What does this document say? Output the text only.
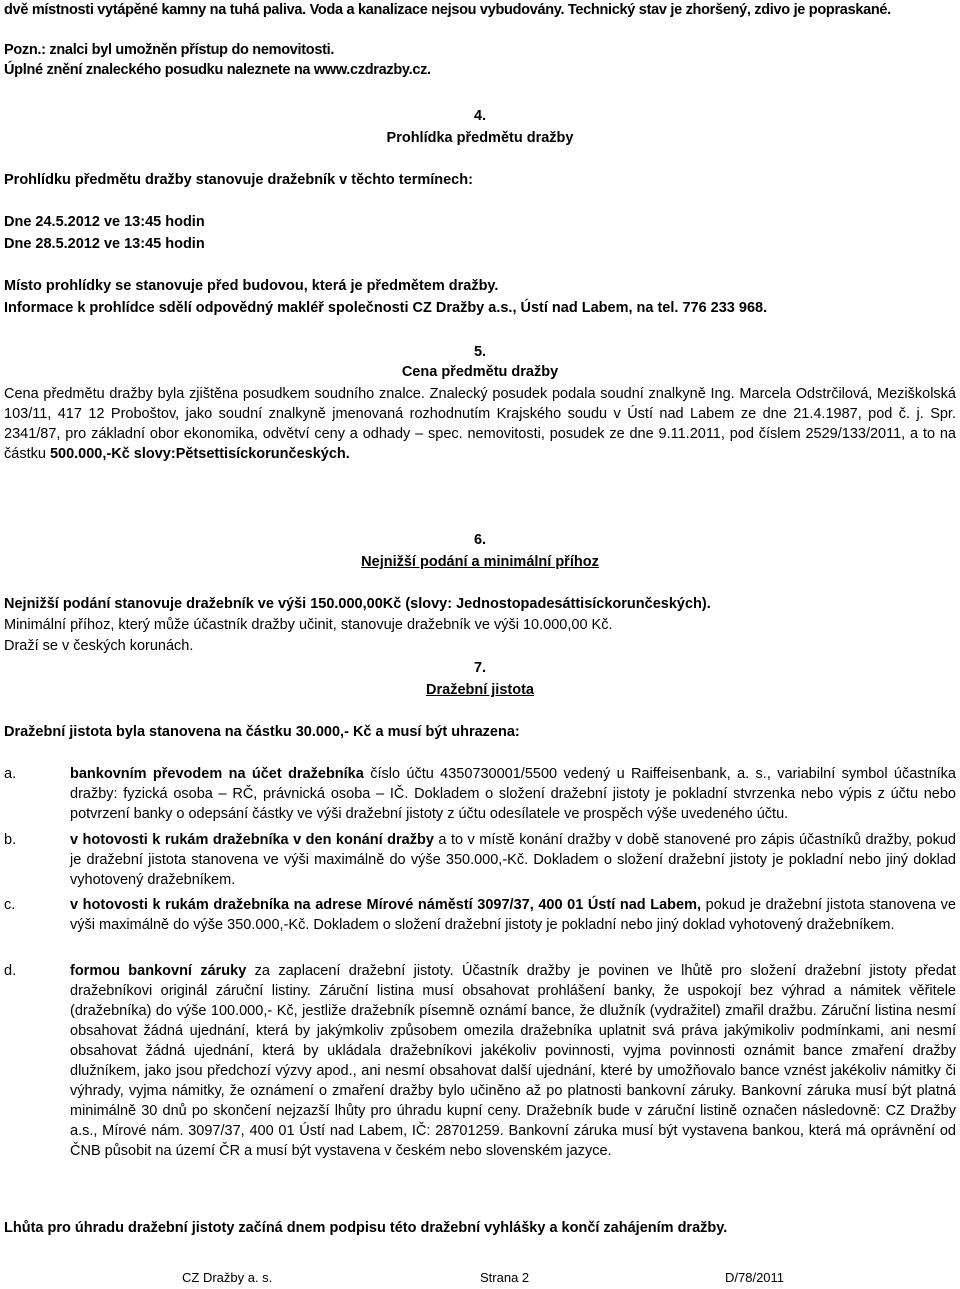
dvě místnosti vytápěné kamny na tuhá paliva. Voda a kanalizace nejsou vybudovány. Technický stav je zhoršený, zdivo je popraskané.
Pozn.: znalci byl umožněn přístup do nemovitosti.
Úplné znění znaleckého posudku naleznete na www.czdrazby.cz.
4.
Prohlídka předmětu dražby
Prohlídku předmětu dražby stanovuje dražebník v těchto termínech:
Dne 24.5.2012 ve 13:45 hodin
Dne 28.5.2012 ve 13:45 hodin
Místo prohlídky se stanovuje před budovou, která je předmětem dražby.
Informace k prohlídce sdělí odpovědný makléř společnosti CZ Dražby a.s., Ústí nad Labem, na tel. 776 233 968.
5.
Cena předmětu dražby
Cena předmětu dražby byla zjištěna posudkem soudního znalce. Znalecký posudek podala soudní znalkyně Ing. Marcela Odstrčilová, Meziškolská 103/11, 417 12 Proboštov, jako soudní znalkyně jmenovaná rozhodnutím Krajského soudu v Ústí nad Labem ze dne 21.4.1987, pod č. j. Spr. 2341/87, pro základní obor ekonomika, odvětví ceny a odhady – spec. nemovitosti, posudek ze dne 9.11.2011, pod číslem 2529/133/2011, a to na částku 500.000,-Kč slovy:Pětsettisíckorunčeských.
6.
Nejnižší podání a minimální příhoz
Nejnižší podání stanovuje dražebník ve výši 150.000,00Kč (slovy: Jednostopadesáttisíckorunčeských).
Minimální příhoz, který může účastník dražby učinit, stanovuje dražebník ve výši 10.000,00 Kč.
Draží se v českých korunách.
7.
Dražební jistota
Dražební jistota byla stanovena na částku 30.000,- Kč a musí být uhrazena:
a.	bankovním převodem na účet dražebníka číslo účtu 4350730001/5500 vedený u Raiffeisenbank, a. s., variabilní symbol účastníka dražby: fyzická osoba – RČ, právnická osoba – IČ. Dokladem o složení dražební jistoty je pokladní stvrzenka nebo výpis z účtu nebo potvrzení banky o odepsání částky ve výši dražební jistoty z účtu odesílatele ve prospěch výše uvedeného účtu.
b.	v hotovosti k rukám dražebníka v den konání dražby a to v místě konání dražby v době stanovené pro zápis účastníků dražby, pokud je dražební jistota stanovena ve výši maximálně do výše 350.000,-Kč. Dokladem o složení dražební jistoty je pokladní nebo jiný doklad vyhotovený dražebníkem.
c.	v hotovosti k rukám dražebníka na adrese Mírové náměstí 3097/37, 400 01 Ústí nad Labem, pokud je dražební jistota stanovena ve výši maximálně do výše 350.000,-Kč. Dokladem o složení dražební jistoty je pokladní nebo jiný doklad vyhotovený dražebníkem.
d.	formou bankovní záruky za zaplacení dražební jistoty. Účastník dražby je povinen ve lhůtě pro složení dražební jistoty předat dražebníkovi originál záruční listiny. Záruční listina musí obsahovat prohlášení banky, že uspokojí bez výhrad a námitek věřitele (dražebníka) do výše 100.000,- Kč, jestliže dražebník písemně oznámí bance, že dlužník (vydražitel) zmařil dražbu. Záruční listina nesmí obsahovat žádná ujednání, která by jakýmkoliv způsobem omezila dražebníka uplatnit svá práva jakýmikoliv podmínkami, ani nesmí obsahovat žádná ujednání, která by ukládala dražebníkovi jakékoliv povinnosti, vyjma povinnosti oznámit bance zmaření dražby dlužníkem, jako jsou předchozí výzvy apod., ani nesmí obsahovat další ujednání, které by umožňovalo bance vznést jakékoliv námitky či výhrady, vyjma námitky, že oznámení o zmaření dražby bylo učiněno až po platnosti bankovní záruky. Bankovní záruka musí být platná minimálně 30 dnů po skončení nejzazší lhůty pro úhradu kupní ceny. Dražebník bude v záruční listině označen následovně: CZ Dražby a.s., Mírové nám. 3097/37, 400 01 Ústí nad Labem, IČ: 28701259. Bankovní záruka musí být vystavena bankou, která má oprávnění od ČNB působit na území ČR a musí být vystavena v českém nebo slovenském jazyce.
Lhůta pro úhradu dražební jistoty začíná dnem podpisu této dražební vyhlášky a končí zahájením dražby.
CZ Dražby a. s.	Strana 2	D/78/2011
